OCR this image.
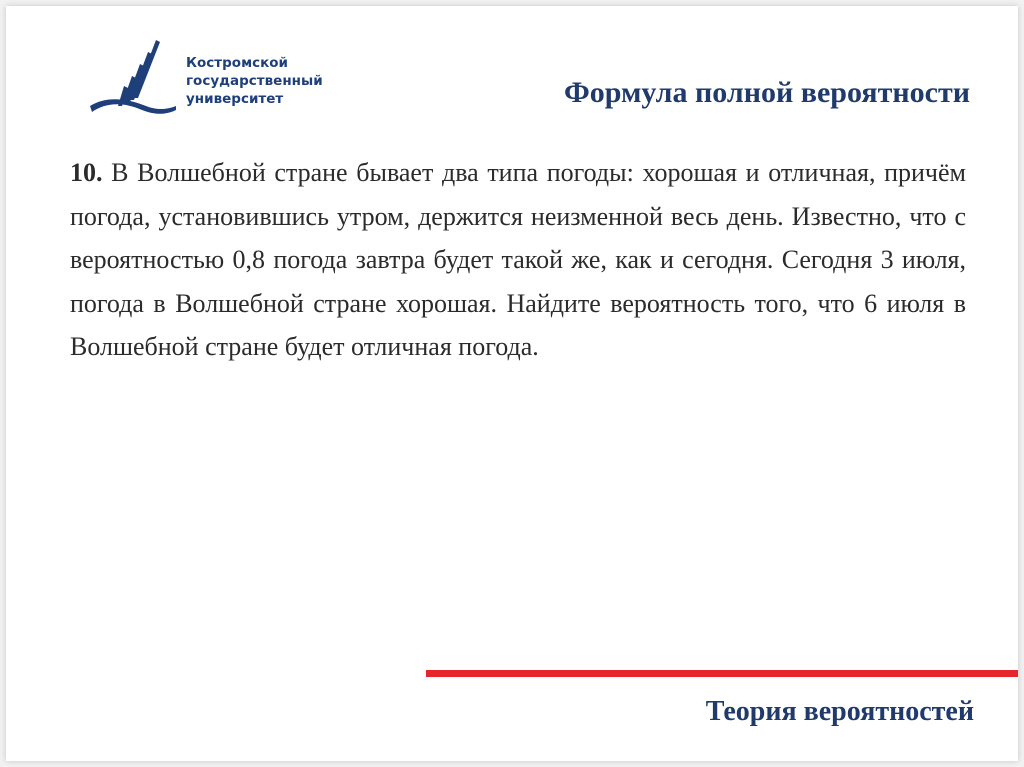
Костромской
государственный
университет	Формула полной вероятности
10. В Волшебной стране бывает два типа погоды: хорошая и отличная, причём погода, установившись утром, держится неизменной весь день. Известно, что с вероятностью 0,8 погода завтра будет такой же, как и сегодня. Сегодня 3 июля, погода в Волшебной стране хорошая. Найдите вероятность того, что 6 июля в Волшебной стране будет отличная погода.
Теория вероятностей
